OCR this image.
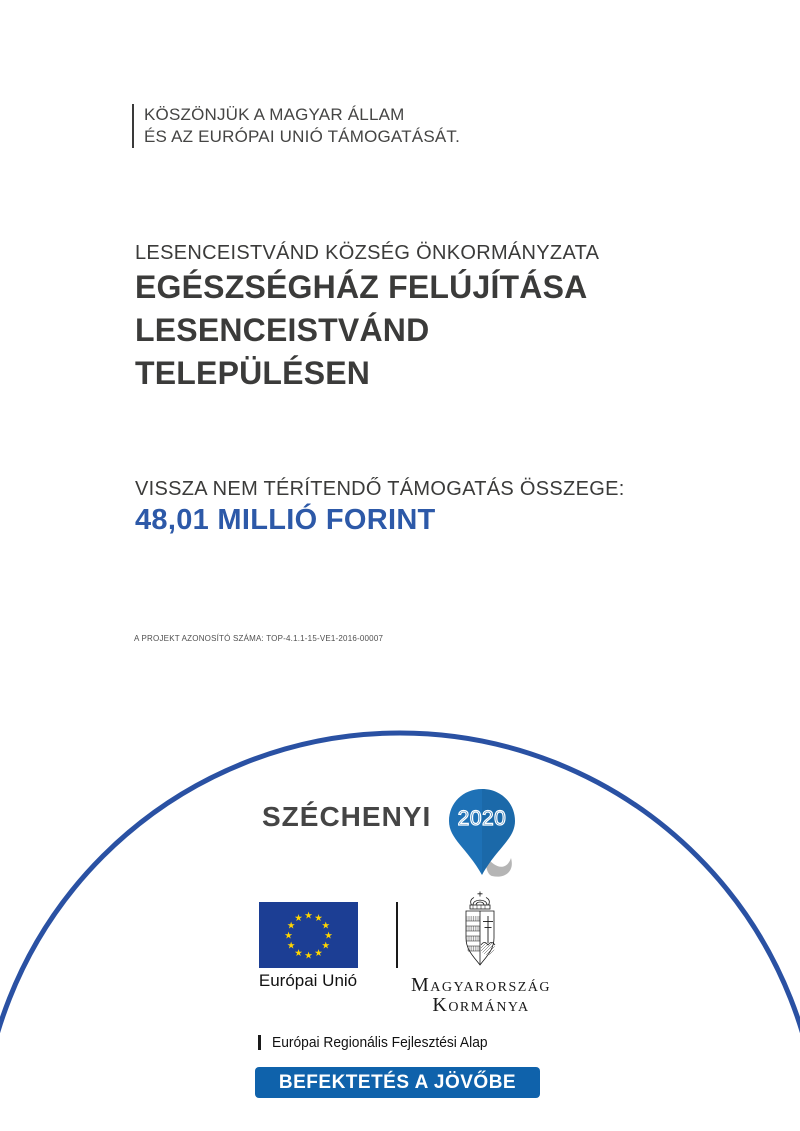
KÖSZÖNJÜK A MAGYAR ÁLLAM
ÉS AZ EURÓPAI UNIÓ TÁMOGATÁSÁT.
LESENCEISTVÁND KÖZSÉG ÖNKORMÁNYZATA
EGÉSZSÉGHÁZ FELÚJÍTÁSA
LESENCEISTVÁND
TELEPÜLÉSEN
VISSZA NEM TÉRÍTENDŐ TÁMOGATÁS ÖSSZEGE:
48,01 MILLIÓ FORINT
A PROJEKT AZONOSÍTÓ SZÁMA: TOP-4.1.1-15-VE1-2016-00007
SZÉCHENYI 2020
★ ★
★
★
★
★
★
★
★
★
★
★
Európai Unió	Magyarország
Kormánya
Európai Regionális Fejlesztési Alap
BEFEKTETÉS A JÖVŐBE
